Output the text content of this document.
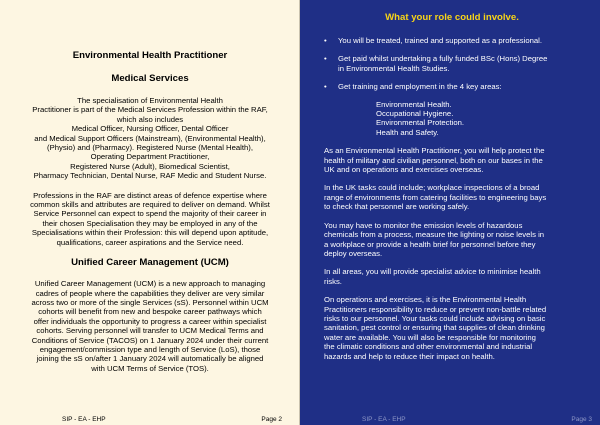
Environmental Health Practitioner

Medical Services

The specialisation of Environmental Health
Practitioner is part of the Medical Services Profession within the RAF,
which also includes
Medical Officer, Nursing Officer, Dental Officer
and Medical Support Officers (Mainstream), (Environmental Health),
(Physio) and (Pharmacy). Registered Nurse (Mental Health),
Operating Department Practitioner,
Registered Nurse (Adult), Biomedical Scientist,
Pharmacy Technician, Dental Nurse, RAF Medic and Student Nurse.
Professions in the RAF are distinct areas of defence expertise where
common skills and attributes are required to deliver on demand. Whilst
Service Personnel can expect to spend the majority of their career in
their chosen Specialisation they may be employed in any of the
Specialisations within their Profession: this will depend upon aptitude,
qualifications, career aspirations and the Service need.

Unified Career Management (UCM)

Unified Career Management (UCM) is a new approach to managing
cadres of people where the capabilities they deliver are very similar
across two or more of the single Services (sS). Personnel within UCM
cohorts will benefit from new and bespoke career pathways which
offer individuals the opportunity to progress a career within specialist
cohorts. Serving personnel will transfer to UCM Medical Terms and
Conditions of Service (TACOS) on 1 January 2024 under their current
engagement/commission type and length of Service (LoS), those
joining the sS on/after 1 January 2024 will automatically be aligned
with UCM Terms of Service (TOS).
SIP - EA - EHP	Page 2

What your role could involve.

• You will be treated, trained and supported as a professional.
• Get paid whilst undertaking a fully funded BSc (Hons) Degree
in Environmental Health Studies.
• Get training and employment in the 4 key areas:
Environmental Health.
Occupational Hygiene.
Environmental Protection.
Health and Safety.
As an Environmental Health Practitioner, you will help protect the
health of military and civilian personnel, both on our bases in the
UK and on operations and exercises overseas.
In the UK tasks could include; workplace inspections of a broad
range of environments from catering facilities to engineering bays
to check that personnel are working safely.
You may have to monitor the emission levels of hazardous
chemicals from a process, measure the lighting or noise levels in
a workplace or provide a health brief for personnel before they
deploy overseas.
In all areas, you will provide specialist advice to minimise health
risks.
On operations and exercises, it is the Environmental Health
Practitioners responsibility to reduce or prevent non-battle related
risks to our personnel. Your tasks could include advising on basic
sanitation, pest control or ensuring that supplies of clean drinking
water are available. You will also be responsible for monitoring
the climatic conditions and other environmental and industrial
hazards and help to reduce their impact on health.
SIP - EA - EHP	Page 3
